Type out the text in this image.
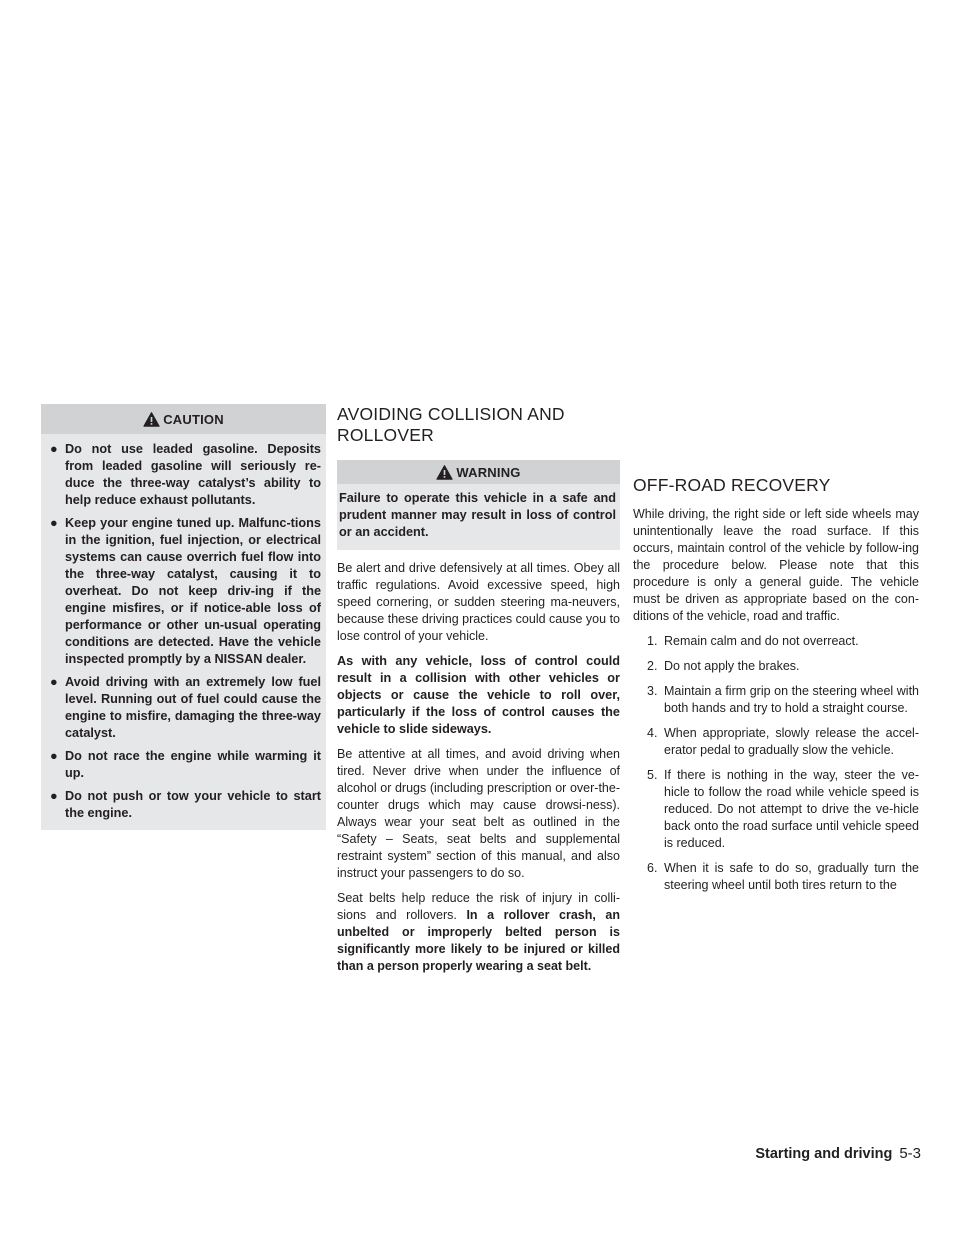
CAUTION
● Do not use leaded gasoline. Deposits from leaded gasoline will seriously re-duce the three-way catalyst’s ability to help reduce exhaust pollutants.
● Keep your engine tuned up. Malfunc-tions in the ignition, fuel injection, or electrical systems can cause overrich fuel flow into the three-way catalyst, causing it to overheat. Do not keep driv-ing if the engine misfires, or if notice-able loss of performance or other un-usual operating conditions are detected. Have the vehicle inspected promptly by a NISSAN dealer.
● Avoid driving with an extremely low fuel level. Running out of fuel could cause the engine to misfire, damaging the three-way catalyst.
● Do not race the engine while warming it up.
● Do not push or tow your vehicle to start the engine.
AVOIDING COLLISION AND ROLLOVER
WARNING

Failure to operate this vehicle in a safe and prudent manner may result in loss of control or an accident.

Be alert and drive defensively at all times. Obey all traffic regulations. Avoid excessive speed, high speed cornering, or sudden steering ma-neuvers, because these driving practices could cause you to lose control of your vehicle.

As with any vehicle, loss of control could result in a collision with other vehicles or objects or cause the vehicle to roll over, particularly if the loss of control causes the vehicle to slide sideways.

Be attentive at all times, and avoid driving when tired. Never drive when under the influence of alcohol or drugs (including prescription or over-the-counter drugs which may cause drowsi-ness). Always wear your seat belt as outlined in the “Safety – Seats, seat belts and supplemental restraint system” section of this manual, and also instruct your passengers to do so.

Seat belts help reduce the risk of injury in colli-sions and rollovers. In a rollover crash, an unbelted or improperly belted person is significantly more likely to be injured or killed than a person properly wearing a seat belt.

OFF-ROAD RECOVERY

While driving, the right side or left side wheels may unintentionally leave the road surface. If this occurs, maintain control of the vehicle by follow-ing the procedure below. Please note that this procedure is only a general guide. The vehicle must be driven as appropriate based on the con-ditions of the vehicle, road and traffic.

1. Remain calm and do not overreact.
2. Do not apply the brakes.
3. Maintain a firm grip on the steering wheel with both hands and try to hold a straight course.
4. When appropriate, slowly release the accel-erator pedal to gradually slow the vehicle.
5. If there is nothing in the way, steer the ve-hicle to follow the road while vehicle speed is reduced. Do not attempt to drive the ve-hicle back onto the road surface until vehicle speed is reduced.
6. When it is safe to do so, gradually turn the steering wheel until both tires return to the
Starting and driving 5-3
